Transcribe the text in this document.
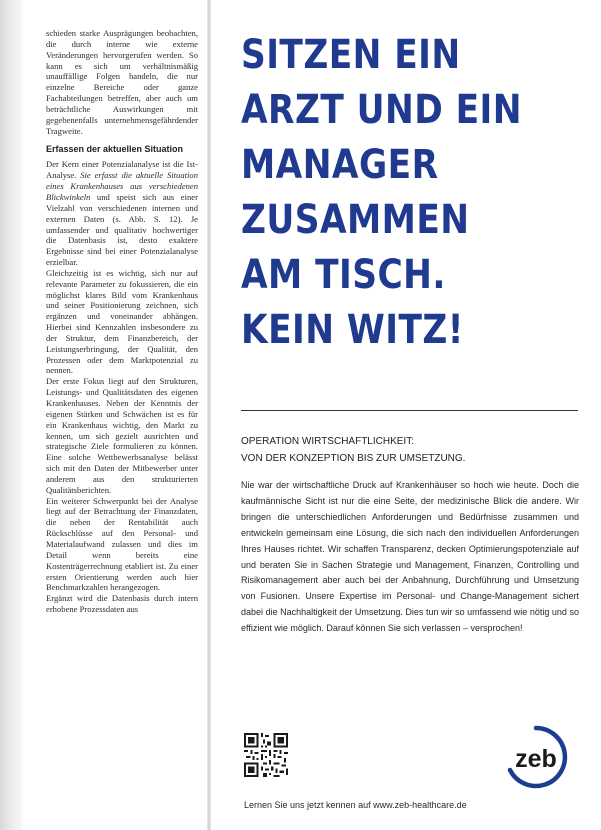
schieden starke Ausprägungen beobachten, die durch interne wie externe Veränderungen hervorgerufen werden. So kann es sich um verhältnismäßig unauffällige Folgen handeln, die nur einzelne Bereiche oder ganze Fachabteilungen betreffen, aber auch um beträchtliche Auswirkungen mit gegebenenfalls unternehmensgefährdender Tragweite.

Erfassen der aktuellen Situation

Der Kern einer Potenzialanalyse ist die Ist-Analyse. Sie erfasst die aktuelle Situation eines Krankenhauses aus verschiedenen Blickwinkeln und speist sich aus einer Vielzahl von verschiedenen internen und externen Daten (s. Abb. S. 12). Je umfassender und qualitativ hochwertiger die Datenbasis ist, desto exaktere Ergebnisse sind bei einer Potenzialanalyse erzielbar.

Gleichzeitig ist es wichtig, sich nur auf relevante Parameter zu fokussieren, die ein möglichst klares Bild vom Krankenhaus und seiner Positionierung zeichnen, sich ergänzen und voneinander abhängen. Hierbei sind Kennzahlen insbesondere zu der Struktur, dem Finanzbereich, der Leistungserbringung, der Qualität, den Prozessen oder dem Marktpotenzial zu nennen.

Der erste Fokus liegt auf den Strukturen, Leistungs- und Qualitätsdaten des eigenen Krankenhauses. Neben der Kenntnis der eigenen Stärken und Schwächen ist es für ein Krankenhaus wichtig, den Markt zu kennen, um sich gezielt ausrichten und strategische Ziele formulieren zu können. Eine solche Wettbewerbsanalyse belässt sich mit den Daten der Mitbewerber unter anderem aus den strukturierten Qualitätsberichten.

Ein weiterer Schwerpunkt bei der Analyse liegt auf der Betrachtung der Finanzdaten, die neben der Rentabilität auch Rückschlüsse auf den Personal- und Materialaufwand zulassen und dies im Detail wenn bereits eine Kostenträgerrechnung etabliert ist. Zu einer ersten Orientierung werden auch hier Benchmarkzahlen herangezogen.

Ergänzt wird die Datenbasis durch intern erhobene Prozessdaten aus

SITZEN EIN
ARZT UND EIN
MANAGER
ZUSAMMEN
AM TISCH.
KEIN WITZ!
OPERATION WIRTSCHAFTLICHKEIT:
VON DER KONZEPTION BIS ZUR UMSETZUNG.

Nie war der wirtschaftliche Druck auf Krankenhäuser so hoch wie heute. Doch die kaufmännische Sicht ist nur die eine Seite, der medizinische Blick die andere. Wir bringen die unterschiedlichen Anforderungen und Bedürfnisse zusammen und entwickeln gemeinsam eine Lösung, die sich nach den individuellen Anforderungen Ihres Hauses richtet. Wir schaffen Transparenz, decken Optimierungspotenziale auf und beraten Sie in Sachen Strategie und Management, Finanzen, Controlling und Risikomanagement aber auch bei der Anbahnung, Durchführung und Umsetzung von Fusionen. Unsere Expertise im Personal- und Change-Management sichert dabei die Nachhaltigkeit der Umsetzung. Dies tun wir so umfassend wie nötig und so effizient wie möglich. Darauf können Sie sich verlassen – versprochen!

zeb
Lernen Sie uns jetzt kennen auf www.zeb-healthcare.de
